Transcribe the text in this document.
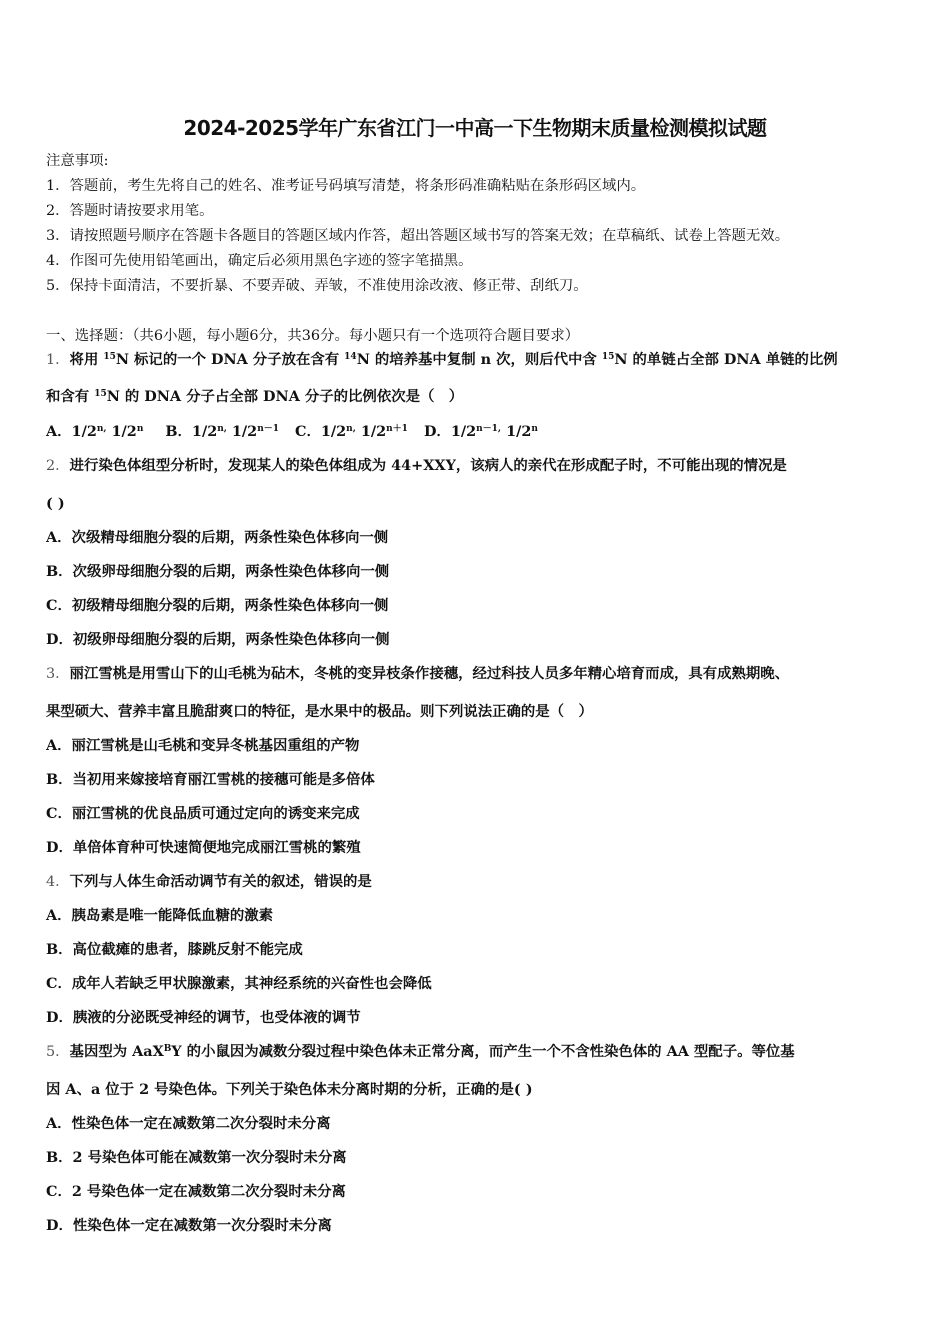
2024-2025学年广东省江门一中高一下生物期末质量检测模拟试题
注意事项:
1．答题前，考生先将自己的姓名、准考证号码填写清楚，将条形码准确粘贴在条形码区域内。
2．答题时请按要求用笔。
3．请按照题号顺序在答题卡各题目的答题区域内作答，超出答题区域书写的答案无效；在草稿纸、试卷上答题无效。
4．作图可先使用铅笔画出，确定后必须用黑色字迹的签字笔描黑。
5．保持卡面清洁，不要折暴、不要弄破、弄皱，不准使用涂改液、修正带、刮纸刀。
一、选择题：（共6小题，每小题6分，共36分。每小题只有一个选项符合题目要求）
1．将用 $^{15}$N 标记的一个 DNA 分子放在含有 $^{14}$N 的培养基中复制 n 次，则后代中含 $^{15}$N 的单链占全部 DNA 单链的比例
和含有 $^{15}$N 的 DNA 分子占全部 DNA 分子的比例依次是（　）
A．$1/2^{n,}$ 1/2$^n$ B．$1/2^{n,}$ $1/2^{n-1}$ C．$1/2^{n,}$ $1/2^{n+1}$ D．$1/2^{n-1,}$ 1/2$^n$
2．进行染色体组型分析时，发现某人的染色体组成为 44+XXY，该病人的亲代在形成配子时，不可能出现的情况是
( )
A．次级精母细胞分裂的后期，两条性染色体移向一侧
B．次级卵母细胞分裂的后期，两条性染色体移向一侧
C．初级精母细胞分裂的后期，两条性染色体移向一侧
D．初级卵母细胞分裂的后期，两条性染色体移向一侧
3．丽江雪桃是用雪山下的山毛桃为砧木，冬桃的变异枝条作接穗，经过科技人员多年精心培育而成，具有成熟期晚、
果型硕大、营养丰富且脆甜爽口的特征，是水果中的极品。则下列说法正确的是（　）
A．丽江雪桃是山毛桃和变异冬桃基因重组的产物
B．当初用来嫁接培育丽江雪桃的接穗可能是多倍体
C．丽江雪桃的优良品质可通过定向的诱变来完成
D．单倍体育种可快速简便地完成丽江雪桃的繁殖
4．下列与人体生命活动调节有关的叙述，错误的是
A．胰岛素是唯一能降低血糖的激素
B．高位截瘫的患者，膝跳反射不能完成
C．成年人若缺乏甲状腺激素，其神经系统的兴奋性也会降低
D．胰液的分泌既受神经的调节，也受体液的调节
5．基因型为 AaX$^B$Y 的小鼠因为减数分裂过程中染色体未正常分离，而产生一个不含性染色体的 AA 型配子。等位基
因 A、a 位于 2 号染色体。下列关于染色体未分离时期的分析，正确的是( )
A．性染色体一定在减数第二次分裂时未分离
B．2 号染色体可能在减数第一次分裂时未分离
C．2 号染色体一定在减数第二次分裂时未分离
D．性染色体一定在减数第一次分裂时未分离
